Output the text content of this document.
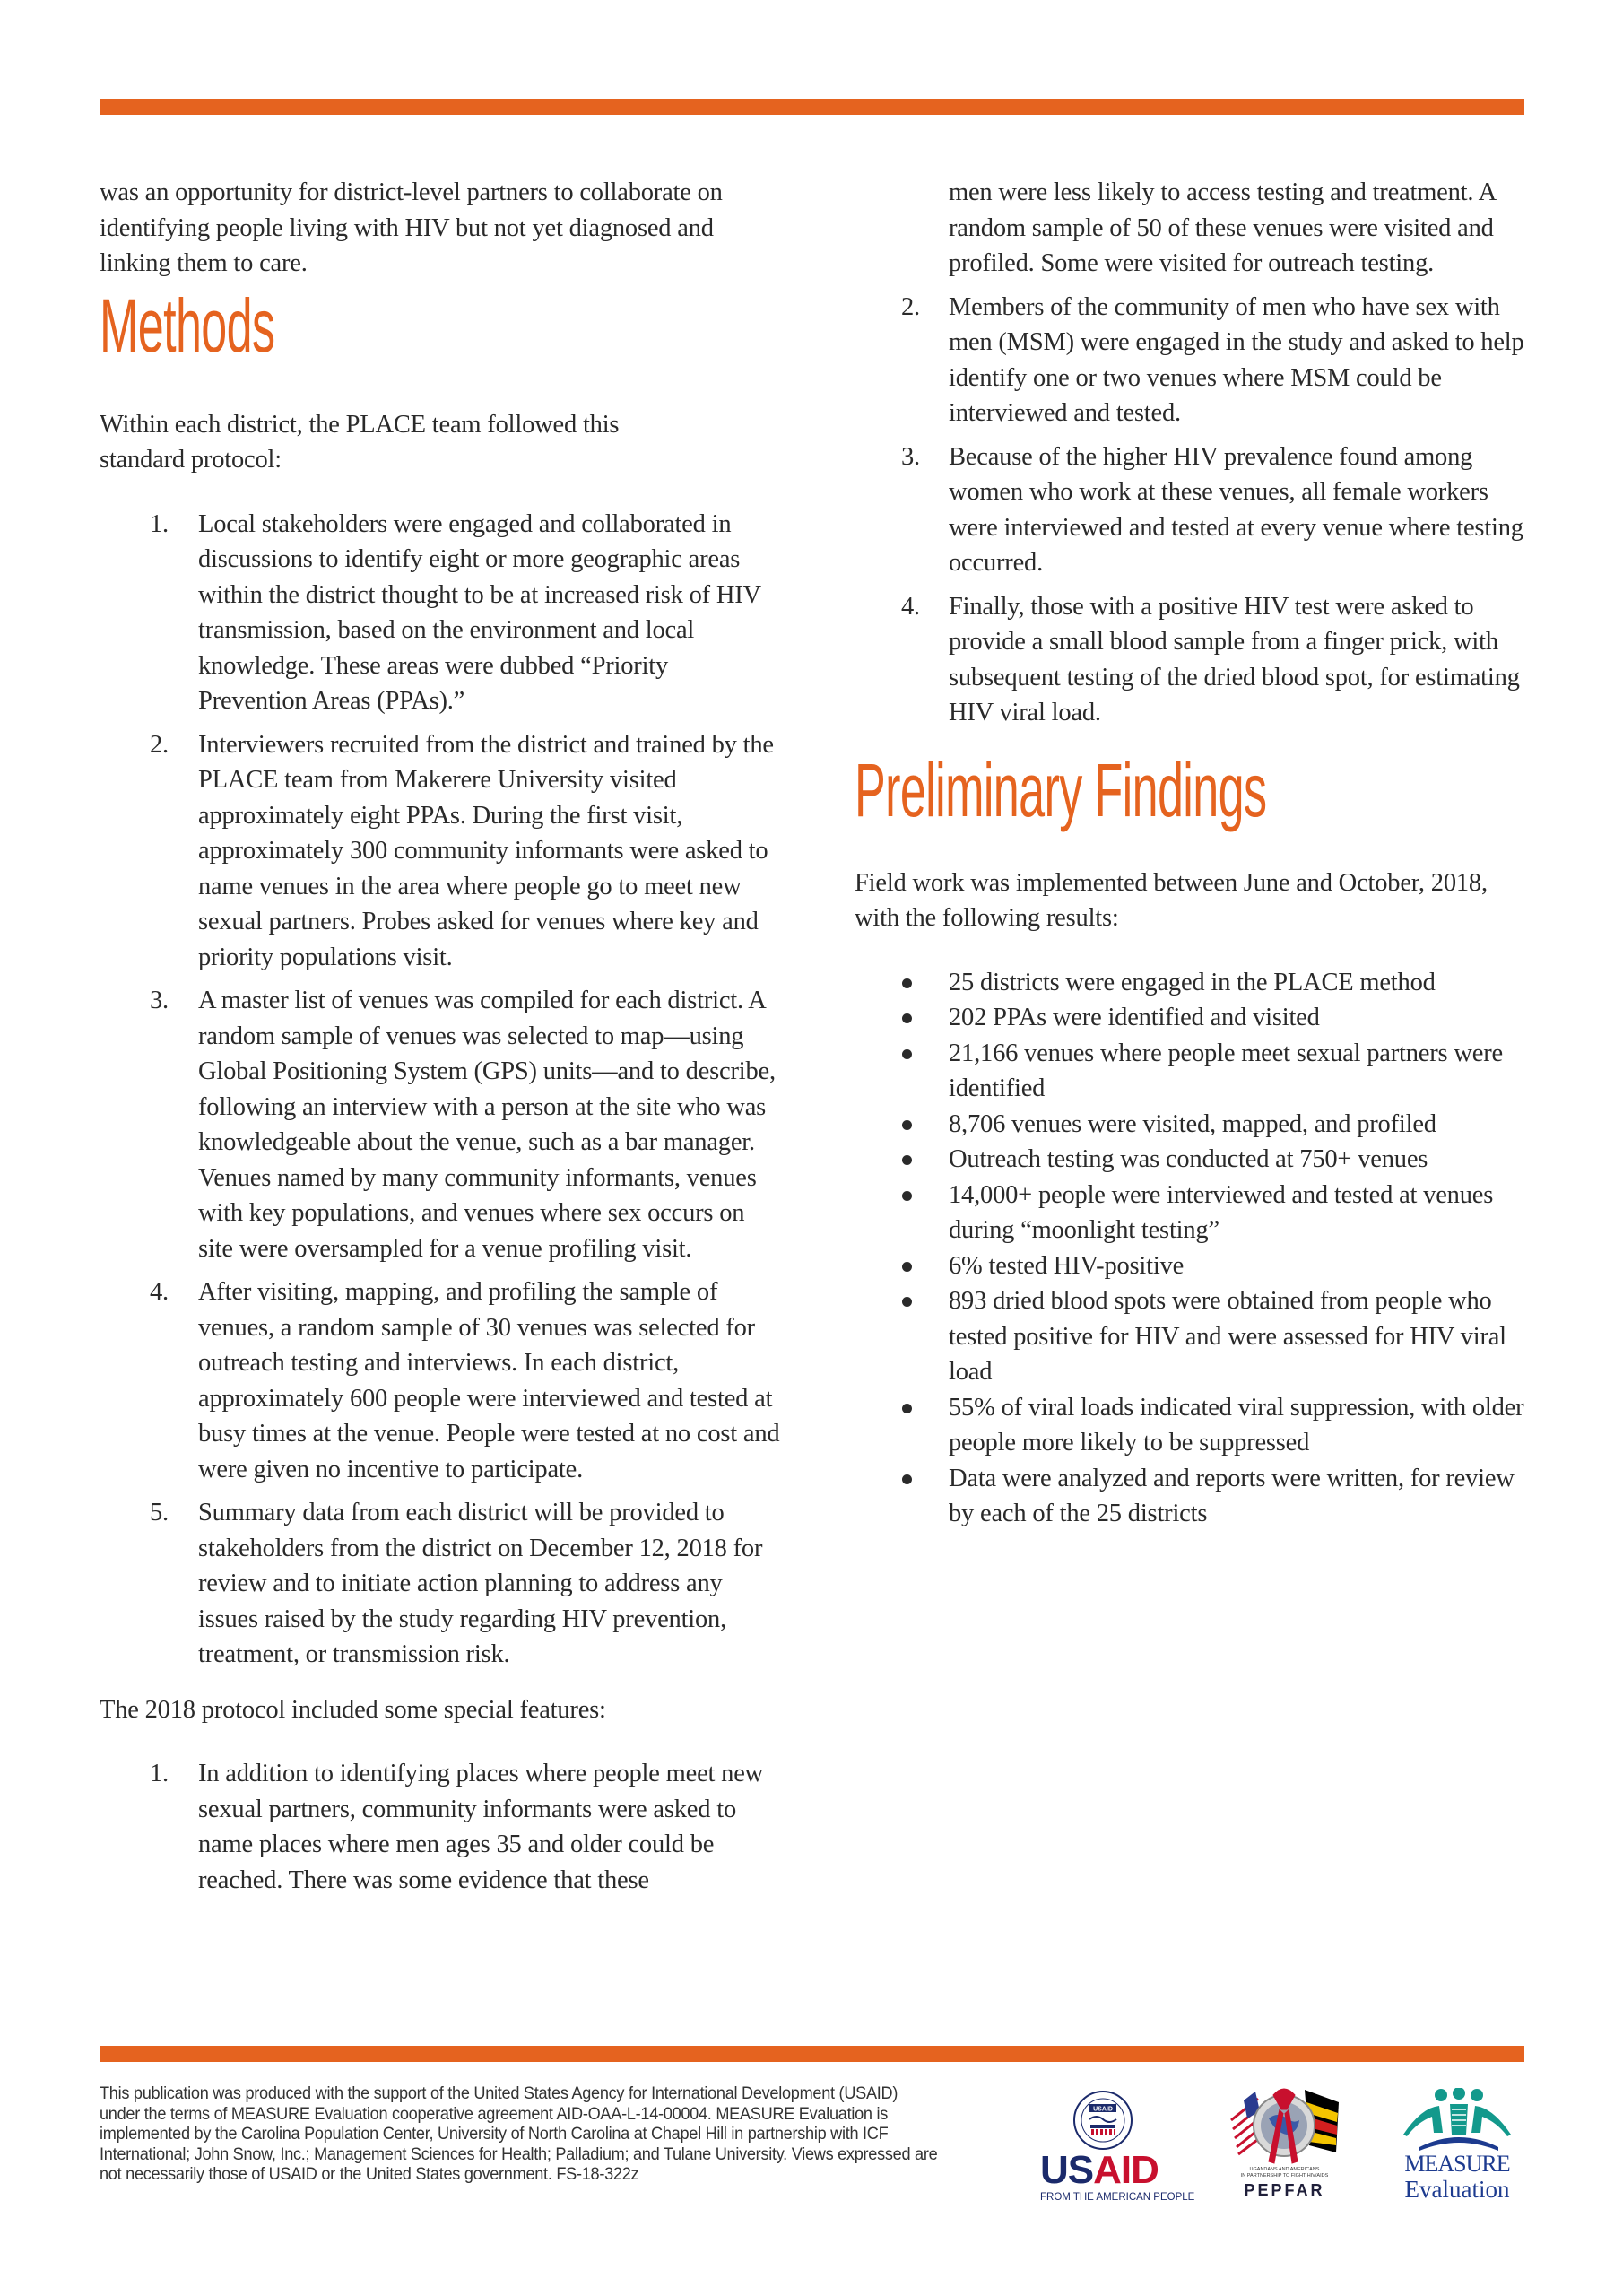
was an opportunity for district-level partners to collaborate on identifying people living with HIV but not yet diagnosed and linking them to care.

Methods

Within each district, the PLACE team followed this standard protocol:

1. Local stakeholders were engaged and collaborated in discussions to identify eight or more geographic areas within the district thought to be at increased risk of HIV transmission, based on the environment and local knowledge. These areas were dubbed “Priority Prevention Areas (PPAs).”
2. Interviewers recruited from the district and trained by the PLACE team from Makerere University visited approximately eight PPAs. During the first visit, approximately 300 community informants were asked to name venues in the area where people go to meet new sexual partners. Probes asked for venues where key and priority populations visit.
3. A master list of venues was compiled for each district. A random sample of venues was selected to map—using Global Positioning System (GPS) units—and to describe, following an interview with a person at the site who was knowledgeable about the venue, such as a bar manager. Venues named by many community informants, venues with key populations, and venues where sex occurs on site were oversampled for a venue profiling visit.
4. After visiting, mapping, and profiling the sample of venues, a random sample of 30 venues was selected for outreach testing and interviews. In each district, approximately 600 people were interviewed and tested at busy times at the venue. People were tested at no cost and were given no incentive to participate.
5. Summary data from each district will be provided to stakeholders from the district on December 12, 2018 for review and to initiate action planning to address any issues raised by the study regarding HIV prevention, treatment, or transmission risk.

The 2018 protocol included some special features:

1. In addition to identifying places where people meet new sexual partners, community informants were asked to name places where men ages 35 and older could be reached. There was some evidence that these
men were less likely to access testing and treatment. A random sample of 50 of these venues were visited and profiled. Some were visited for outreach testing.
2. Members of the community of men who have sex with men (MSM) were engaged in the study and asked to help identify one or two venues where MSM could be interviewed and tested.
3. Because of the higher HIV prevalence found among women who work at these venues, all female workers were interviewed and tested at every venue where testing occurred.
4. Finally, those with a positive HIV test were asked to provide a small blood sample from a finger prick, with subsequent testing of the dried blood spot, for estimating HIV viral load.
Preliminary Findings

Field work was implemented between June and October, 2018, with the following results:

25 districts were engaged in the PLACE method
202 PPAs were identified and visited
21,166 venues where people meet sexual partners were identified
8,706 venues were visited, mapped, and profiled
Outreach testing was conducted at 750+ venues
14,000+ people were interviewed and tested at venues during “moonlight testing”
6% tested HIV-positive
893 dried blood spots were obtained from people who tested positive for HIV and were assessed for HIV viral load
55% of viral loads indicated viral suppression, with older people more likely to be suppressed
Data were analyzed and reports were written, for review by each of the 25 districts

This publication was produced with the support of the United States Agency for International Development (USAID) under the terms of MEASURE Evaluation cooperative agreement AID-OAA-L-14-00004. MEASURE Evaluation is implemented by the Carolina Population Center, University of North Carolina at Chapel Hill in partnership with ICF International; John Snow, Inc.; Management Sciences for Health; Palladium; and Tulane University. Views expressed are not necessarily those of USAID or the United States government. FS-18-322z

USAID
USAID
FROM THE AMERICAN PEOPLE
UGANDANS AND AMERICANS
IN PARTNERSHIP TO FIGHT HIV/AIDS
PEPFAR
MEASURE
Evaluation
